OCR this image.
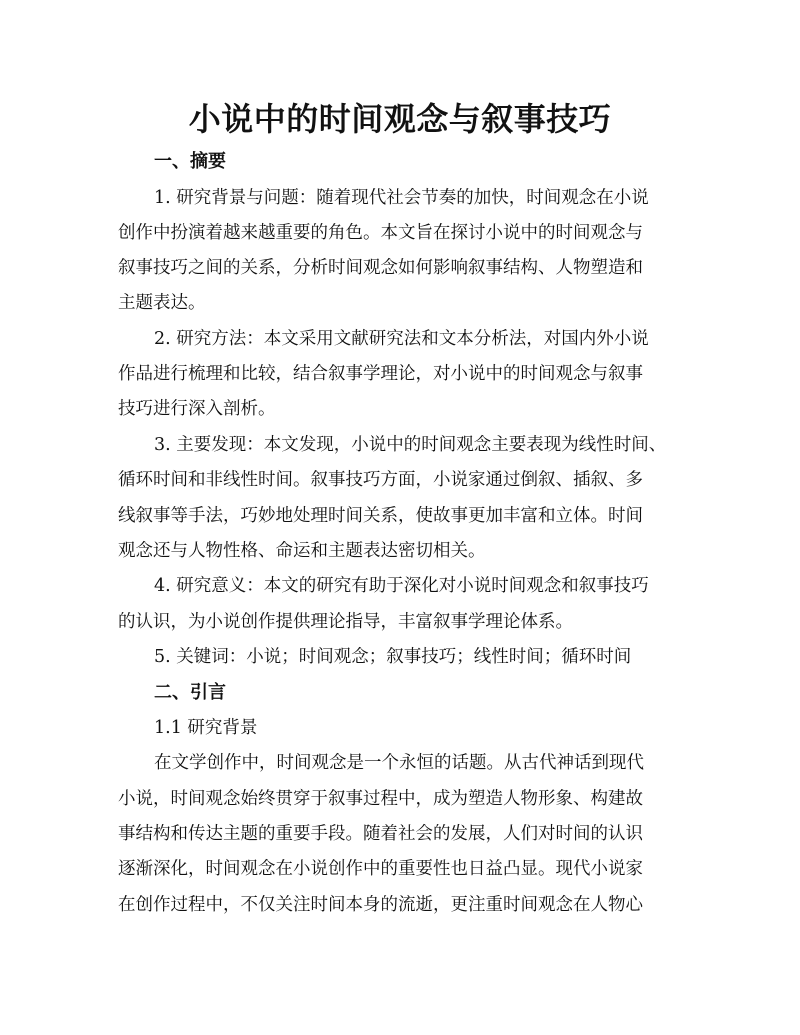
小说中的时间观念与叙事技巧

一、摘要

1. 研究背景与问题：随着现代社会节奏的加快，时间观念在小说

创作中扮演着越来越重要的角色。本文旨在探讨小说中的时间观念与

叙事技巧之间的关系，分析时间观念如何影响叙事结构、人物塑造和

主题表达。

2. 研究方法：本文采用文献研究法和文本分析法，对国内外小说

作品进行梳理和比较，结合叙事学理论，对小说中的时间观念与叙事

技巧进行深入剖析。

3. 主要发现：本文发现，小说中的时间观念主要表现为线性时间、

循环时间和非线性时间。叙事技巧方面，小说家通过倒叙、插叙、多

线叙事等手法，巧妙地处理时间关系，使故事更加丰富和立体。时间

观念还与人物性格、命运和主题表达密切相关。

4. 研究意义：本文的研究有助于深化对小说时间观念和叙事技巧

的认识，为小说创作提供理论指导，丰富叙事学理论体系。

5. 关键词：小说；时间观念；叙事技巧；线性时间；循环时间

二、引言

1.1 研究背景

在文学创作中，时间观念是一个永恒的话题。从古代神话到现代

小说，时间观念始终贯穿于叙事过程中，成为塑造人物形象、构建故

事结构和传达主题的重要手段。随着社会的发展，人们对时间的认识

逐渐深化，时间观念在小说创作中的重要性也日益凸显。现代小说家

在创作过程中，不仅关注时间本身的流逝，更注重时间观念在人物心
